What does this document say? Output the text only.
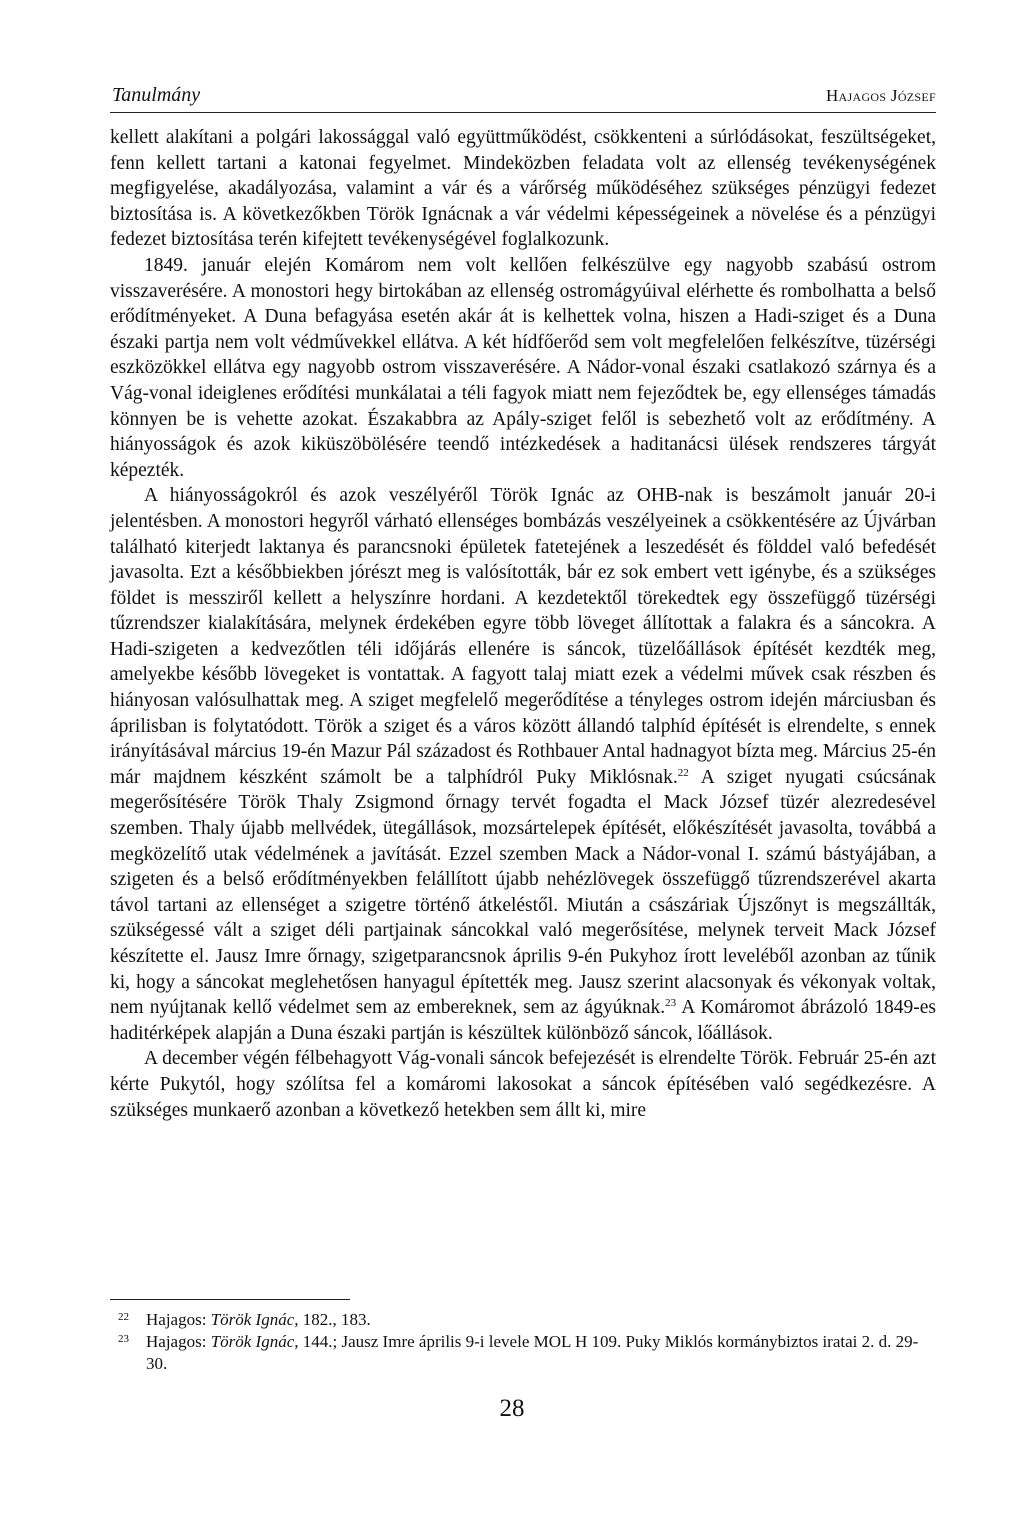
Tanulmány	Hajagos József

kellett alakítani a polgári lakossággal való együttműködést, csökkenteni a súrlódásokat, feszültségeket, fenn kellett tartani a katonai fegyelmet. Mindeközben feladata volt az ellenség tevékenységének megfigyelése, akadályozása, valamint a vár és a várőrség működéséhez szükséges pénzügyi fedezet biztosítása is. A következőkben Török Ignácnak a vár védelmi képességeinek a növelése és a pénzügyi fedezet biztosítása terén kifejtett tevékenységével foglalkozunk.

1849. január elején Komárom nem volt kellően felkészülve egy nagyobb szabású ostrom visszaverésére. A monostori hegy birtokában az ellenség ostromágyúival elérhette és rombolhatta a belső erődítményeket. A Duna befagyása esetén akár át is kelhettek volna, hiszen a Hadi-sziget és a Duna északi partja nem volt védművekkel ellátva. A két hídfőerőd sem volt megfelelően felkészítve, tüzérségi eszközökkel ellátva egy nagyobb ostrom visszaverésére. A Nádor-vonal északi csatlakozó szárnya és a Vág-vonal ideiglenes erődítési munkálatai a téli fagyok miatt nem fejeződtek be, egy ellenséges támadás könnyen be is vehette azokat. Északabbra az Apály-sziget felől is sebezhető volt az erődítmény. A hiányosságok és azok kiküszöbölésére teendő intézkedések a haditanácsi ülések rendszeres tárgyát képezték.

A hiányosságokról és azok veszélyéről Török Ignác az OHB-nak is beszámolt január 20-i jelentésben. A monostori hegyről várható ellenséges bombázás veszélyeinek a csökkentésére az Újvárban található kiterjedt laktanya és parancsnoki épületek fatetejének a leszedését és földdel való befedését javasolta. Ezt a későbbiekben jórészt meg is valósították, bár ez sok embert vett igénybe, és a szükséges földet is messziről kellett a helyszínre hordani. A kezdetektől törekedtek egy összefüggő tüzérségi tűzrendszer kialakítására, melynek érdekében egyre több löveget állítottak a falakra és a sáncokra. A Hadi-szigeten a kedvezőtlen téli időjárás ellenére is sáncok, tüzelőállások építését kezdték meg, amelyekbe később lövegeket is vontattak. A fagyott talaj miatt ezek a védelmi művek csak részben és hiányosan valósulhattak meg. A sziget megfelelő megerődítése a tényleges ostrom idején márciusban és áprilisban is folytatódott. Török a sziget és a város között állandó talphíd építését is elrendelte, s ennek irányításával március 19-én Mazur Pál századost és Rothbauer Antal hadnagyot bízta meg. Március 25-én már majdnem készként számolt be a talphídról Puky Miklósnak.$^{22}$ A sziget nyugati csúcsának megerősítésére Török Thaly Zsigmond őrnagy tervét fogadta el Mack József tüzér alezredesével szemben. Thaly újabb mellvédek, ütegállások, mozsártelepek építését, előkészítését javasolta, továbbá a megközelítő utak védelmének a javítását. Ezzel szemben Mack a Nádor-vonal I. számú bástyájában, a szigeten és a belső erődítményekben felállított újabb nehézlövegek összefüggő tűzrendszerével akarta távol tartani az ellenséget a szigetre történő átkeléstől. Miután a császáriak Újszőnyt is megszállták, szükségessé vált a sziget déli partjainak sáncokkal való megerősítése, melynek terveit Mack József készítette el. Jausz Imre őrnagy, szigetparancsnok április 9-én Pukyhoz írott leveléből azonban az tűnik ki, hogy a sáncokat meglehetősen hanyagul építették meg. Jausz szerint alacsonyak és vékonyak voltak, nem nyújtanak kellő védelmet sem az embereknek, sem az ágyúknak.$^{23}$ A Komáromot ábrázoló 1849-es haditérképek alapján a Duna északi partján is készültek különböző sáncok, lőállások.

A december végén félbehagyott Vág-vonali sáncok befejezését is elrendelte Török. Február 25-én azt kérte Pukytól, hogy szólítsa fel a komáromi lakosokat a sáncok építésében való segédkezésre. A szükséges munkaerő azonban a következő hetekben sem állt ki, mire

22 Hajagos: Török Ignác, 182., 183.
23 Hajagos: Török Ignác, 144.; Jausz Imre április 9-i levele MOL H 109. Puky Miklós kormánybiztos iratai 2. d. 29-30.
28
